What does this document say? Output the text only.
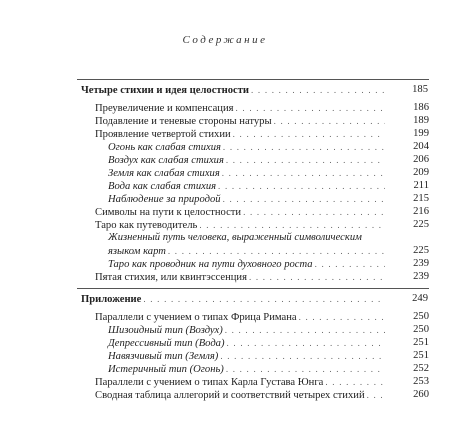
Содержание
Четыре стихии и идея целостности . . .	185
Преувеличение и компенсация . . .	186
Подавление и теневые стороны натуры . . .	189
Проявление четвертой стихии . . .	199
Огонь как слабая стихия . . .	204
Воздух как слабая стихия . . .	206
Земля как слабая стихия . . .	209
Вода как слабая стихия . . .	211
Наблюдение за природой . . .	215
Символы на пути к целостности . . .	216
Таро как путеводитель . . .	225
Жизненный путь человека, выраженный символическим
языком карт . . .	225
Таро как проводник на пути духовного роста . . .	239
Пятая стихия, или квинтэссенция . . .	239
Приложение . . .	249
Параллели с учением о типах Фрица Римана . . .	250
Шизоидный тип (Воздух) . . .	250
Депрессивный тип (Вода) . . .	251
Навязчивый тип (Земля) . . .	251
Истеричный тип (Огонь) . . .	252
Параллели с учением о типах Карла Густава Юнга . . .	253
Сводная таблица аллегорий и соответствий четырех стихий . . .	260
